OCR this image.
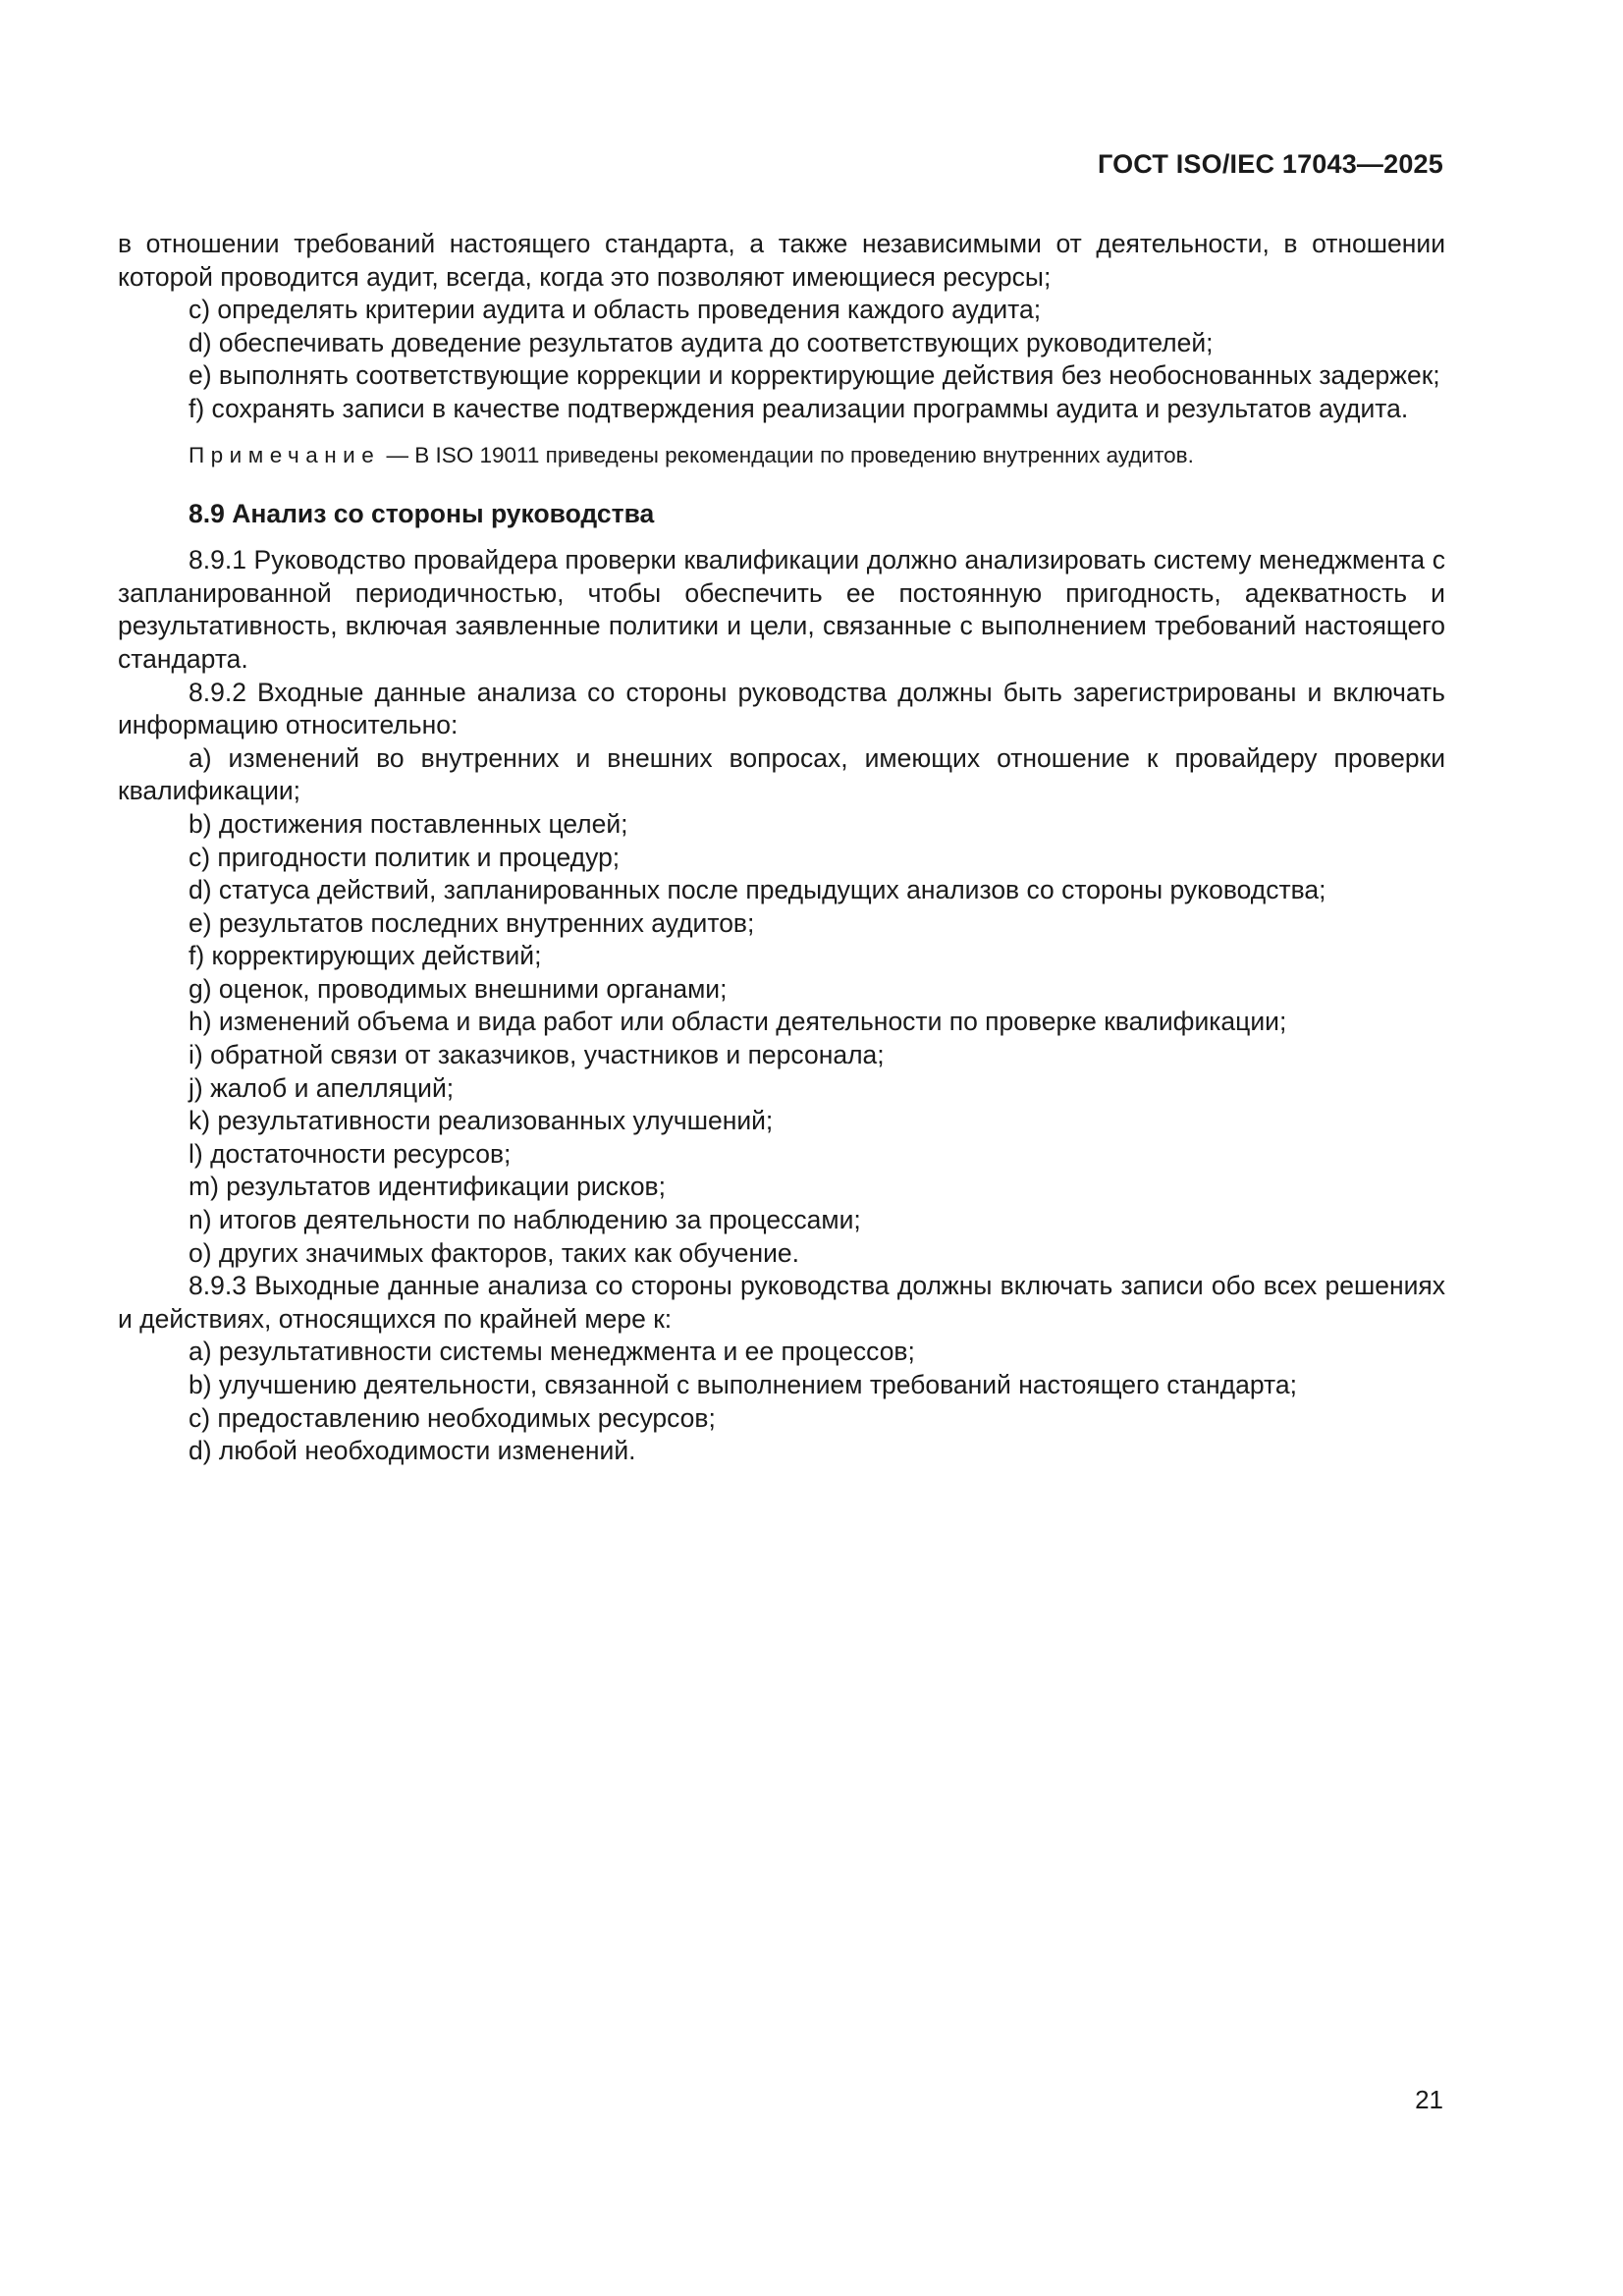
ГОСТ ISO/IEC 17043—2025

в отношении требований настоящего стандарта, а также независимыми от деятельности, в отношении которой проводится аудит, всегда, когда это позволяют имеющиеся ресурсы;

c) определять критерии аудита и область проведения каждого аудита;

d) обеспечивать доведение результатов аудита до соответствующих руководителей;

e) выполнять соответствующие коррекции и корректирующие действия без необоснованных задержек;

f) сохранять записи в качестве подтверждения реализации программы аудита и результатов аудита.

Примечание — В ISO 19011 приведены рекомендации по проведению внутренних аудитов.

8.9 Анализ со стороны руководства

8.9.1 Руководство провайдера проверки квалификации должно анализировать систему менеджмента с запланированной периодичностью, чтобы обеспечить ее постоянную пригодность, адекватность и результативность, включая заявленные политики и цели, связанные с выполнением требований настоящего стандарта.

8.9.2 Входные данные анализа со стороны руководства должны быть зарегистрированы и включать информацию относительно:

a) изменений во внутренних и внешних вопросах, имеющих отношение к провайдеру проверки квалификации;

b) достижения поставленных целей;

c) пригодности политик и процедур;

d) статуса действий, запланированных после предыдущих анализов со стороны руководства;

e) результатов последних внутренних аудитов;

f) корректирующих действий;

g) оценок, проводимых внешними органами;

h) изменений объема и вида работ или области деятельности по проверке квалификации;

i) обратной связи от заказчиков, участников и персонала;

j) жалоб и апелляций;

k) результативности реализованных улучшений;

l) достаточности ресурсов;

m) результатов идентификации рисков;

n) итогов деятельности по наблюдению за процессами;

o) других значимых факторов, таких как обучение.

8.9.3 Выходные данные анализа со стороны руководства должны включать записи обо всех решениях и действиях, относящихся по крайней мере к:

a) результативности системы менеджмента и ее процессов;

b) улучшению деятельности, связанной с выполнением требований настоящего стандарта;

c) предоставлению необходимых ресурсов;

d) любой необходимости изменений.

21
